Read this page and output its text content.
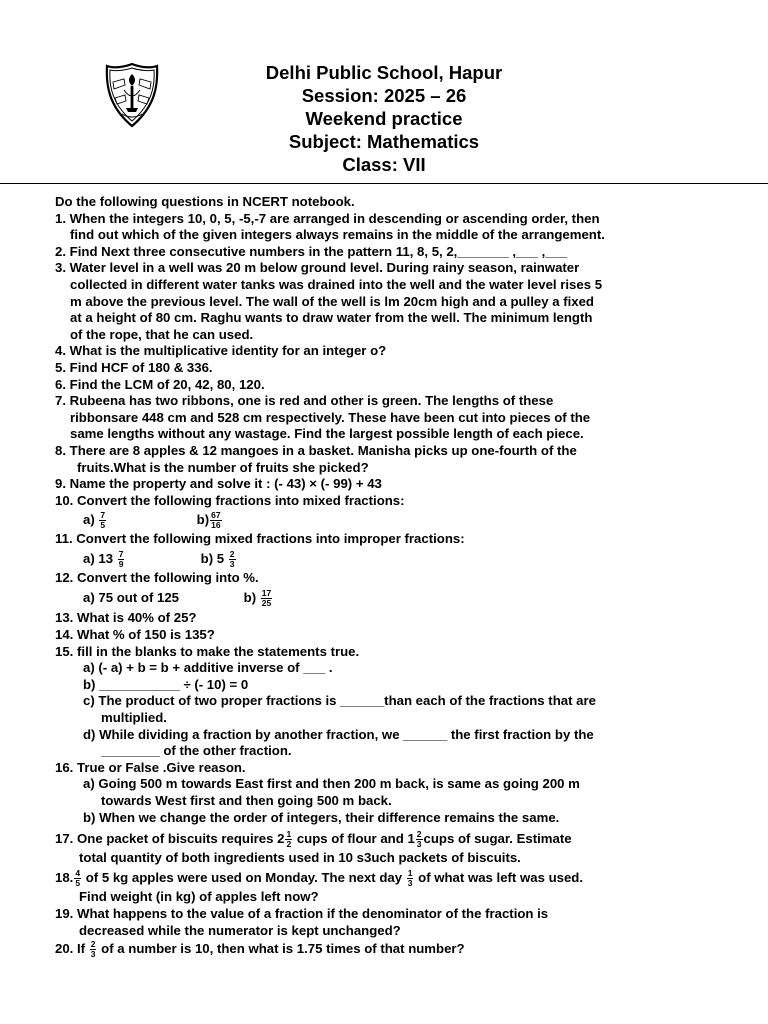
Delhi Public School, Hapur
Session: 2025 – 26
Weekend practice
Subject: Mathematics
Class: VII
Do the following questions in NCERT notebook.
1. When the integers 10, 0, 5, -5,-7 are arranged in descending or ascending order, then
find out which of the given integers always remains in the middle of the arrangement.
2. Find Next three consecutive numbers in the pattern 11, 8, 5, 2,_______ ,___ ,___
3. Water level in a well was 20 m below ground level. During rainy season, rainwater
collected in different water tanks was drained into the well and the water level rises 5
m above the previous level. The wall of the well is lm 20cm high and a pulley a fixed
at a height of 80 cm. Raghu wants to draw water from the well. The minimum length
of the rope, that he can used.
4. What is the multiplicative identity for an integer o?
5. Find HCF of 180 & 336.
6. Find the LCM of 20, 42, 80, 120.
7. Rubeena has two ribbons, one is red and other is green. The lengths of these
ribbonsare 448 cm and 528 cm respectively. These have been cut into pieces of the
same lengths without any wastage. Find the largest possible length of each piece.
8. There are 8 apples & 12 mangoes in a basket. Manisha picks up one-fourth of the
fruits.What is the number of fruits she picked?
9. Name the property and solve it : (- 43) × (- 99) + 43
10. Convert the following fractions into mixed fractions:
$a) \frac{7}{5}$	$b) \frac{67}{16}$
11. Convert the following mixed fractions into improper fractions:
a) $13 \frac{7}{9}$	b) $5 \frac{2}{3}$
12. Convert the following into %.
a) 75 out of 125	$b) \frac{17}{25}$
13. What is 40% of 25?
14. What % of 150 is 135?
15. fill in the blanks to make the statements true.
a) (- a) + b = b + additive inverse of ___ .
b) ___________ ÷ (- 10) = 0
c) The product of two proper fractions is ______than each of the fractions that are
multiplied.
d) While dividing a fraction by another fraction, we ______ the first fraction by the
________ of the other fraction.
16. True or False .Give reason.
a) Going 500 m towards East first and then 200 m back, is same as going 200 m
towards West first and then going 500 m back.
b) When we change the order of integers, their difference remains the same.
17. One packet of biscuits requires $2 \frac{1}{2}$ cups of flour and $1 \frac{2}{3}$ cups of sugar. Estimate
total quantity of both ingredients used in 10 s3uch packets of biscuits.
18. $\frac{4}{5}$ of 5 kg apples were used on Monday. The next day $\frac{1}{3}$ of what was left was used.
Find weight (in kg) of apples left now?
19. What happens to the value of a fraction if the denominator of the fraction is
decreased while the numerator is kept unchanged?
20. If $\frac{2}{3}$ of a number is 10, then what is 1.75 times of that number?
